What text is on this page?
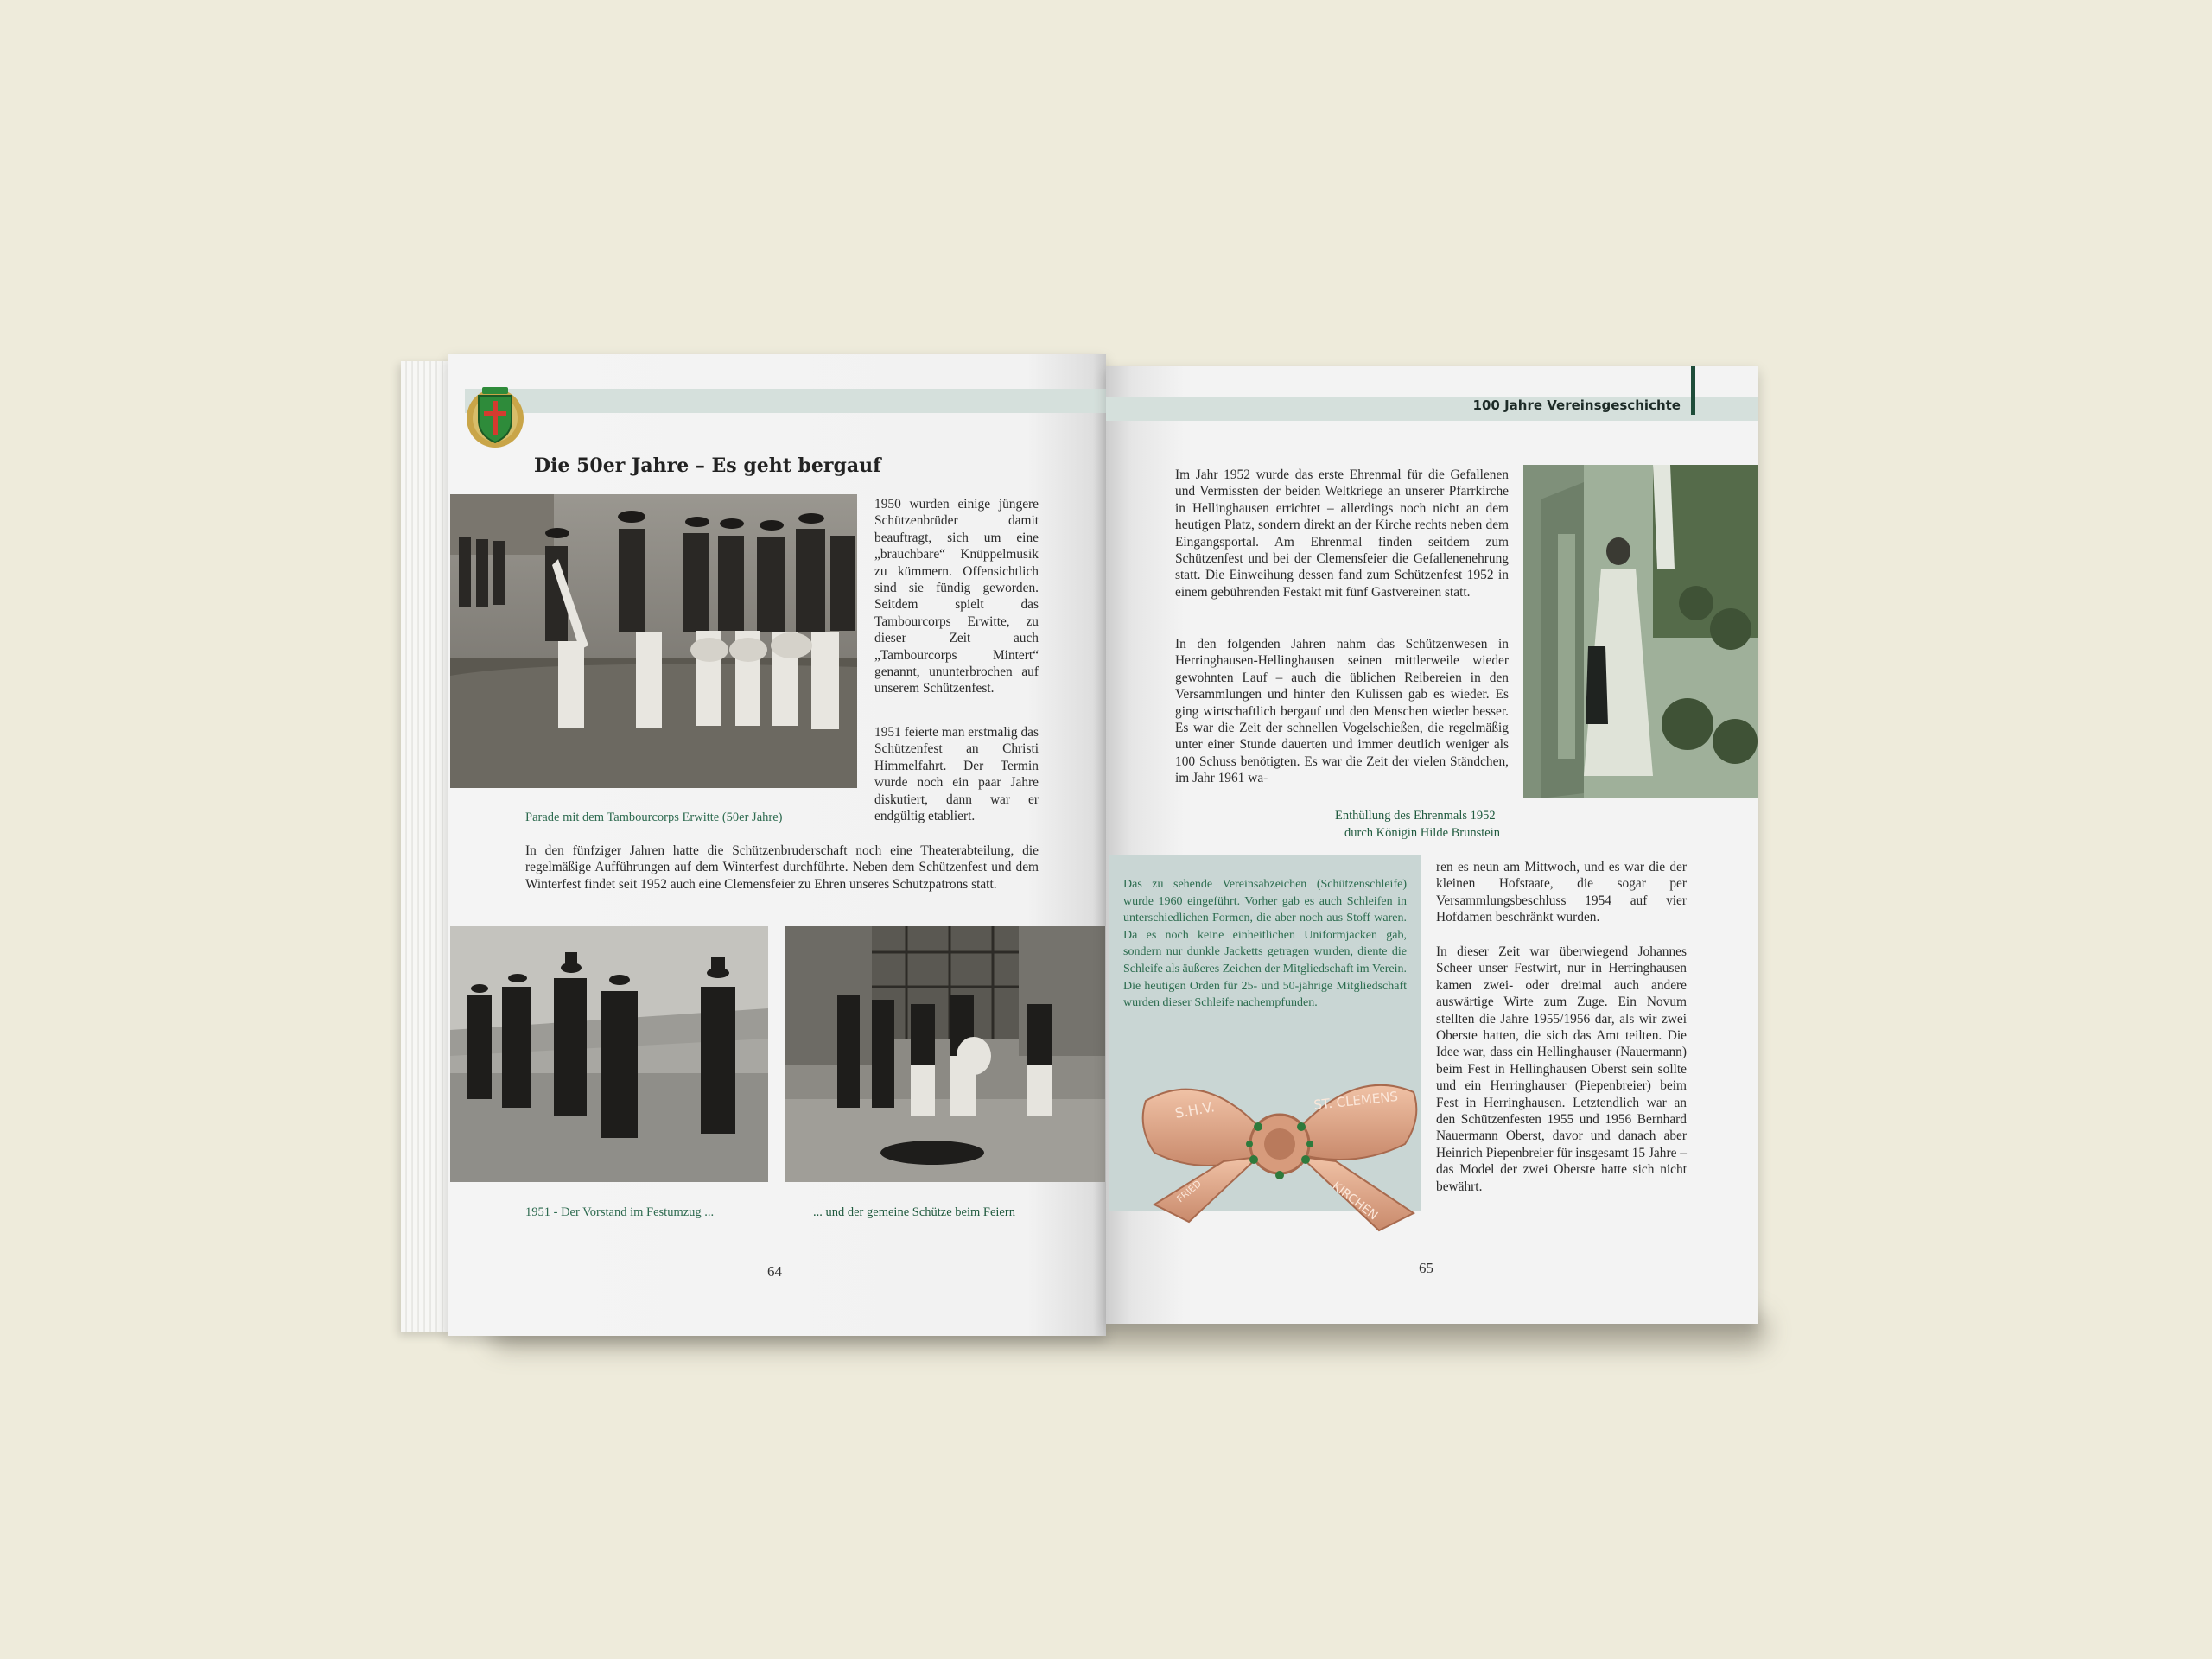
Die 50er Jahre – Es geht bergauf

1950 wurden einige jüngere Schützenbrüder damit beauftragt, sich um eine „brauchbare“ Knüppelmusik zu kümmern. Offensichtlich sind sie fündig geworden. Seitdem spielt das Tambourcorps Erwitte, zu dieser Zeit auch „Tambourcorps Mintert“ genannt, ununterbrochen auf unserem Schützenfest.

1951 feierte man erstmalig das Schützenfest an Christi Himmelfahrt. Der Termin wurde noch ein paar Jahre diskutiert, dann war er endgültig etabliert.

Parade mit dem Tambourcorps Erwitte (50er Jahre)

In den fünfziger Jahren hatte die Schützenbruderschaft noch eine Theaterabteilung, die regelmäßige Aufführungen auf dem Winterfest durchführte. Neben dem Schützenfest und dem Winterfest findet seit 1952 auch eine Clemensfeier zu Ehren unseres Schutzpatrons statt.

1951 - Der Vorstand im Festumzug ...	... und der gemeine Schütze beim Feiern
64
100 Jahre Vereinsgeschichte

Im Jahr 1952 wurde das erste Ehrenmal für die Gefallenen und Vermissten der beiden Weltkriege an unserer Pfarrkirche in Hellinghausen errichtet – allerdings noch nicht an dem heutigen Platz, sondern direkt an der Kirche rechts neben dem Eingangsportal. Am Ehrenmal finden seitdem zum Schützenfest und bei der Clemensfeier die Gefallenenehrung statt. Die Einweihung dessen fand zum Schützenfest 1952 in einem gebührenden Festakt mit fünf Gastvereinen statt.

In den folgenden Jahren nahm das Schützenwesen in Herringhausen-Hellinghausen seinen mittlerweile wieder gewohnten Lauf – auch die üblichen Reibereien in den Versammlungen und hinter den Kulissen gab es wieder. Es ging wirtschaftlich bergauf und den Menschen wieder besser. Es war die Zeit der schnellen Vogelschießen, die regelmäßig unter einer Stunde dauerten und immer deutlich weniger als 100 Schuss benötigten. Es war die Zeit der vielen Ständchen, im Jahr 1961 wa-

Enthüllung des Ehrenmals 1952
durch Königin Hilde Brunstein

Das zu sehende Vereinsabzeichen (Schützenschleife) wurde 1960 eingeführt. Vorher gab es auch Schleifen in unterschiedlichen Formen, die aber noch aus Stoff waren. Da es noch keine einheitlichen Uniformjacken gab, sondern nur dunkle Jacketts getragen wurden, diente die Schleife als äußeres Zeichen der Mitgliedschaft im Verein. Die heutigen Orden für 25- und 50-jährige Mitgliedschaft wurden dieser Schleife nachempfunden.

S.H.V.	ST. CLEMENS
FRIED	KIRCHEN

ren es neun am Mittwoch, und es war die der kleinen Hofstaate, die sogar per Versammlungsbeschluss 1954 auf vier Hofdamen beschränkt wurden.

In dieser Zeit war überwiegend Johannes Scheer unser Festwirt, nur in Herringhausen kamen zwei- oder dreimal auch andere auswärtige Wirte zum Zuge. Ein Novum stellten die Jahre 1955/1956 dar, als wir zwei Oberste hatten, die sich das Amt teilten. Die Idee war, dass ein Hellinghauser (Nauermann) beim Fest in Hellinghausen Oberst sein sollte und ein Herringhauser (Piepenbreier) beim Fest in Herringhausen. Letztendlich war an den Schützenfesten 1955 und 1956 Bernhard Nauermann Oberst, davor und danach aber Heinrich Piepenbreier für insgesamt 15 Jahre – das Model der zwei Oberste hatte sich nicht bewährt.

65
